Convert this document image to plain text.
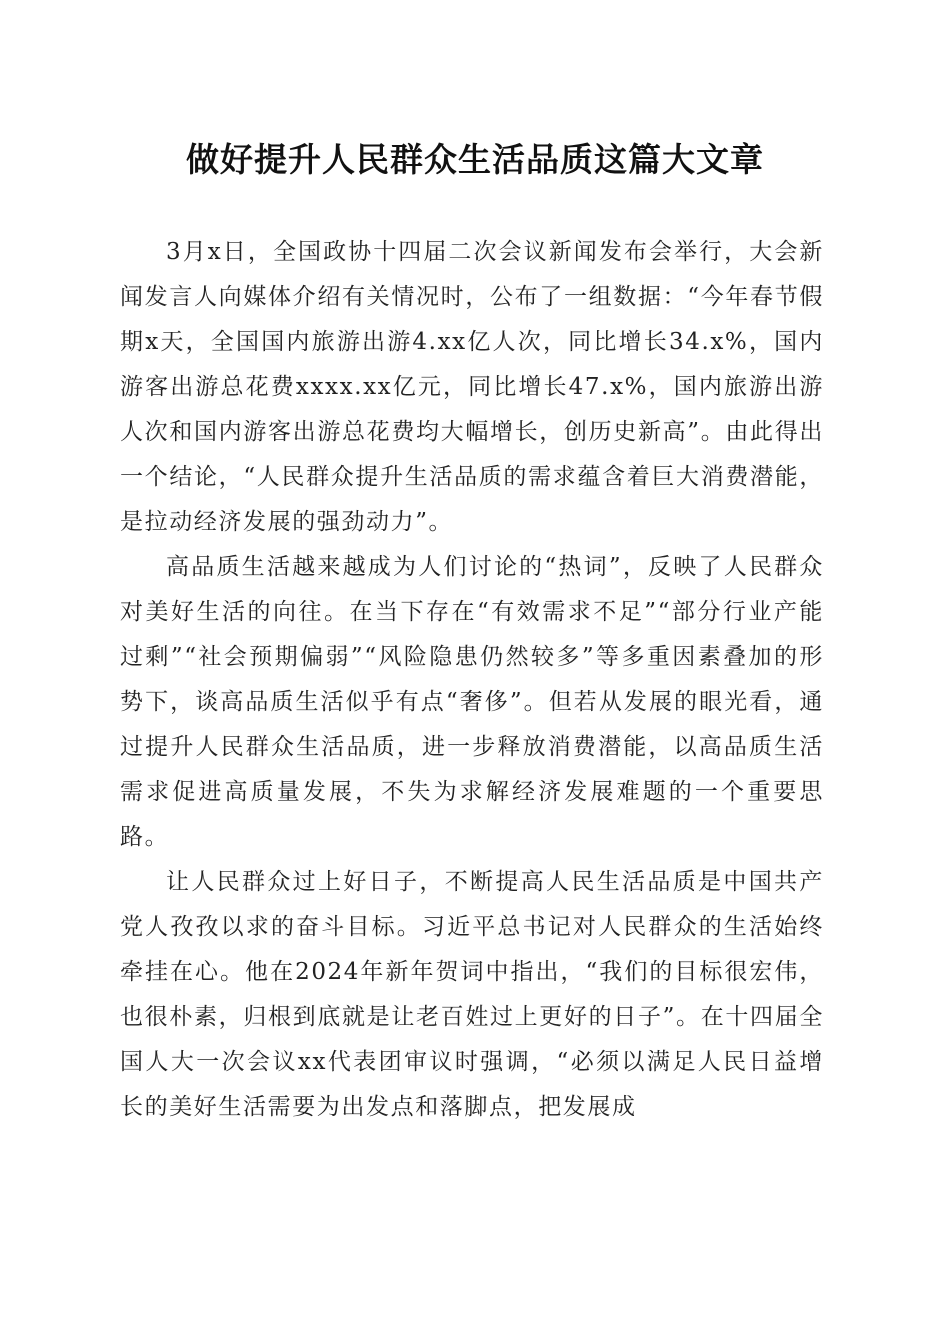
做好提升人民群众生活品质这篇大文章

3月x日，全国政协十四届二次会议新闻发布会举行，大会新闻发言人向媒体介绍有关情况时，公布了一组数据：“今年春节假期x天，全国国内旅游出游4.xx亿人次，同比增长34.x%，国内游客出游总花费xxxx.xx亿元，同比增长47.x%，国内旅游出游人次和国内游客出游总花费均大幅增长，创历史新高”。由此得出一个结论，“人民群众提升生活品质的需求蕴含着巨大消费潜能，是拉动经济发展的强劲动力”。

高品质生活越来越成为人们讨论的“热词”，反映了人民群众对美好生活的向往。在当下存在“有效需求不足”“部分行业产能过剩”“社会预期偏弱”“风险隐患仍然较多”等多重因素叠加的形势下，谈高品质生活似乎有点“奢侈”。但若从发展的眼光看，通过提升人民群众生活品质，进一步释放消费潜能，以高品质生活需求促进高质量发展，不失为求解经济发展难题的一个重要思路。

让人民群众过上好日子，不断提高人民生活品质是中国共产党人孜孜以求的奋斗目标。习近平总书记对人民群众的生活始终牵挂在心。他在2024年新年贺词中指出，“我们的目标很宏伟，也很朴素，归根到底就是让老百姓过上更好的日子”。在十四届全国人大一次会议xx代表团审议时强调，“必须以满足人民日益增长的美好生活需要为出发点和落脚点，把发展成
